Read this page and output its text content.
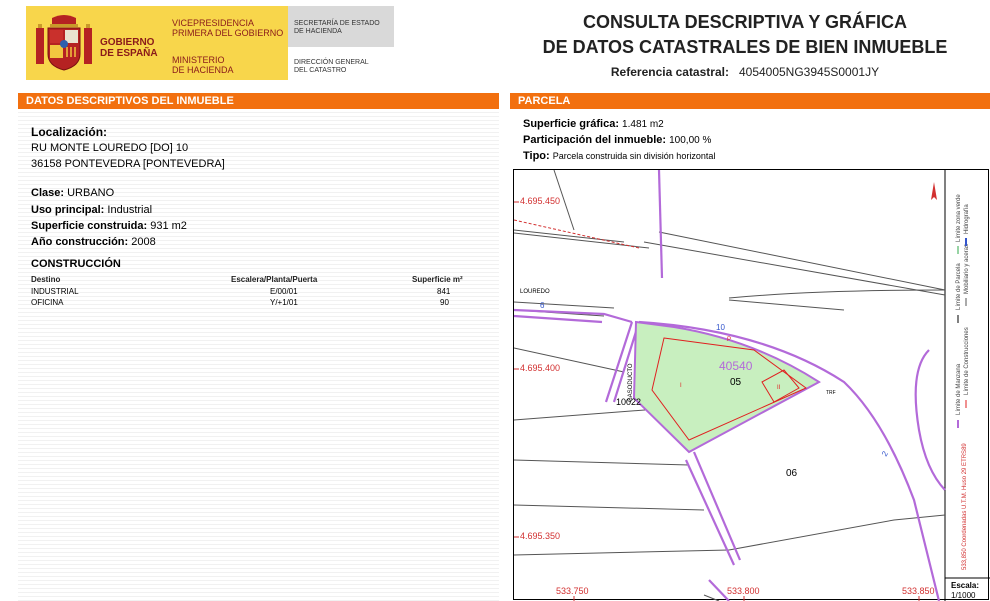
GOBIERNO
DE ESPAÑA
VICEPRESIDENCIA
PRIMERA DEL GOBIERNO
MINISTERIO
DE HACIENDA
SECRETARÍA DE ESTADO
DE HACIENDA
DIRECCIÓN GENERAL
DEL CATASTRO
CONSULTA DESCRIPTIVA Y GRÁFICA
DE DATOS CATASTRALES DE BIEN INMUEBLE
Referencia catastral: 4054005NG3945S0001JY
DATOS DESCRIPTIVOS DEL INMUEBLE	PARCELA
Localización:
RU MONTE LOUREDO [DO] 10
36158 PONTEVEDRA [PONTEVEDRA]
Clase: URBANO
Uso principal: Industrial
Superficie construida: 931 m2
Año construcción: 2008
CONSTRUCCIÓN
Destino	Escalera/Planta/Puerta	Superficie m²
INDUSTRIAL	E/00/01	841
OFICINA	Y/+1/01	90
Superficie gráfica: 1.481 m2
Participación del inmueble: 100,00 %
Tipo: Parcela construida sin división horizontal
4.695.450
4.695.400
4.695.350
533.750	533.800	533.850
40540
05
06
LOUREDO
GASODUCTO
10022
6
10
2
P
I	II
TRF	Límite de Manzana
Límite de Parcela
Límite de Construcciones
Mobiliario y aceras
Límite zona verde Hidrografía
533,850 Coordenadas U.T.M. Huso 29 ETRS89
Escala:
1/1000
